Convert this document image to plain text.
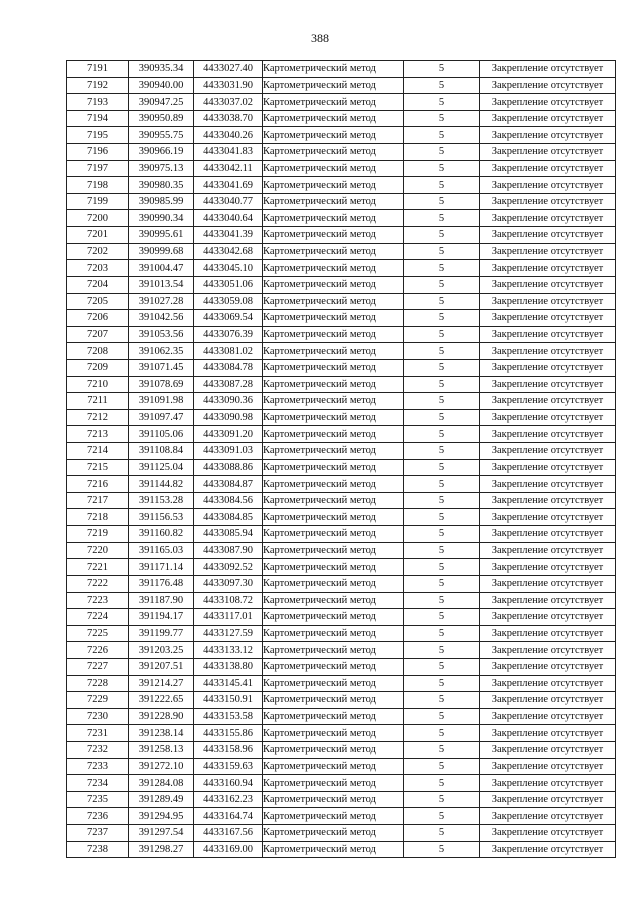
388
7191	390935.34	4433027.40	Картометрический метод	5	Закрепление отсутствует
7192	390940.00	4433031.90	Картометрический метод	5	Закрепление отсутствует
7193	390947.25	4433037.02	Картометрический метод	5	Закрепление отсутствует
7194	390950.89	4433038.70	Картометрический метод	5	Закрепление отсутствует
7195	390955.75	4433040.26	Картометрический метод	5	Закрепление отсутствует
7196	390966.19	4433041.83	Картометрический метод	5	Закрепление отсутствует
7197	390975.13	4433042.11	Картометрический метод	5	Закрепление отсутствует
7198	390980.35	4433041.69	Картометрический метод	5	Закрепление отсутствует
7199	390985.99	4433040.77	Картометрический метод	5	Закрепление отсутствует
7200	390990.34	4433040.64	Картометрический метод	5	Закрепление отсутствует
7201	390995.61	4433041.39	Картометрический метод	5	Закрепление отсутствует
7202	390999.68	4433042.68	Картометрический метод	5	Закрепление отсутствует
7203	391004.47	4433045.10	Картометрический метод	5	Закрепление отсутствует
7204	391013.54	4433051.06	Картометрический метод	5	Закрепление отсутствует
7205	391027.28	4433059.08	Картометрический метод	5	Закрепление отсутствует
7206	391042.56	4433069.54	Картометрический метод	5	Закрепление отсутствует
7207	391053.56	4433076.39	Картометрический метод	5	Закрепление отсутствует
7208	391062.35	4433081.02	Картометрический метод	5	Закрепление отсутствует
7209	391071.45	4433084.78	Картометрический метод	5	Закрепление отсутствует
7210	391078.69	4433087.28	Картометрический метод	5	Закрепление отсутствует
7211	391091.98	4433090.36	Картометрический метод	5	Закрепление отсутствует
7212	391097.47	4433090.98	Картометрический метод	5	Закрепление отсутствует
7213	391105.06	4433091.20	Картометрический метод	5	Закрепление отсутствует
7214	391108.84	4433091.03	Картометрический метод	5	Закрепление отсутствует
7215	391125.04	4433088.86	Картометрический метод	5	Закрепление отсутствует
7216	391144.82	4433084.87	Картометрический метод	5	Закрепление отсутствует
7217	391153.28	4433084.56	Картометрический метод	5	Закрепление отсутствует
7218	391156.53	4433084.85	Картометрический метод	5	Закрепление отсутствует
7219	391160.82	4433085.94	Картометрический метод	5	Закрепление отсутствует
7220	391165.03	4433087.90	Картометрический метод	5	Закрепление отсутствует
7221	391171.14	4433092.52	Картометрический метод	5	Закрепление отсутствует
7222	391176.48	4433097.30	Картометрический метод	5	Закрепление отсутствует
7223	391187.90	4433108.72	Картометрический метод	5	Закрепление отсутствует
7224	391194.17	4433117.01	Картометрический метод	5	Закрепление отсутствует
7225	391199.77	4433127.59	Картометрический метод	5	Закрепление отсутствует
7226	391203.25	4433133.12	Картометрический метод	5	Закрепление отсутствует
7227	391207.51	4433138.80	Картометрический метод	5	Закрепление отсутствует
7228	391214.27	4433145.41	Картометрический метод	5	Закрепление отсутствует
7229	391222.65	4433150.91	Картометрический метод	5	Закрепление отсутствует
7230	391228.90	4433153.58	Картометрический метод	5	Закрепление отсутствует
7231	391238.14	4433155.86	Картометрический метод	5	Закрепление отсутствует
7232	391258.13	4433158.96	Картометрический метод	5	Закрепление отсутствует
7233	391272.10	4433159.63	Картометрический метод	5	Закрепление отсутствует
7234	391284.08	4433160.94	Картометрический метод	5	Закрепление отсутствует
7235	391289.49	4433162.23	Картометрический метод	5	Закрепление отсутствует
7236	391294.95	4433164.74	Картометрический метод	5	Закрепление отсутствует
7237	391297.54	4433167.56	Картометрический метод	5	Закрепление отсутствует
7238	391298.27	4433169.00	Картометрический метод	5	Закрепление отсутствует
